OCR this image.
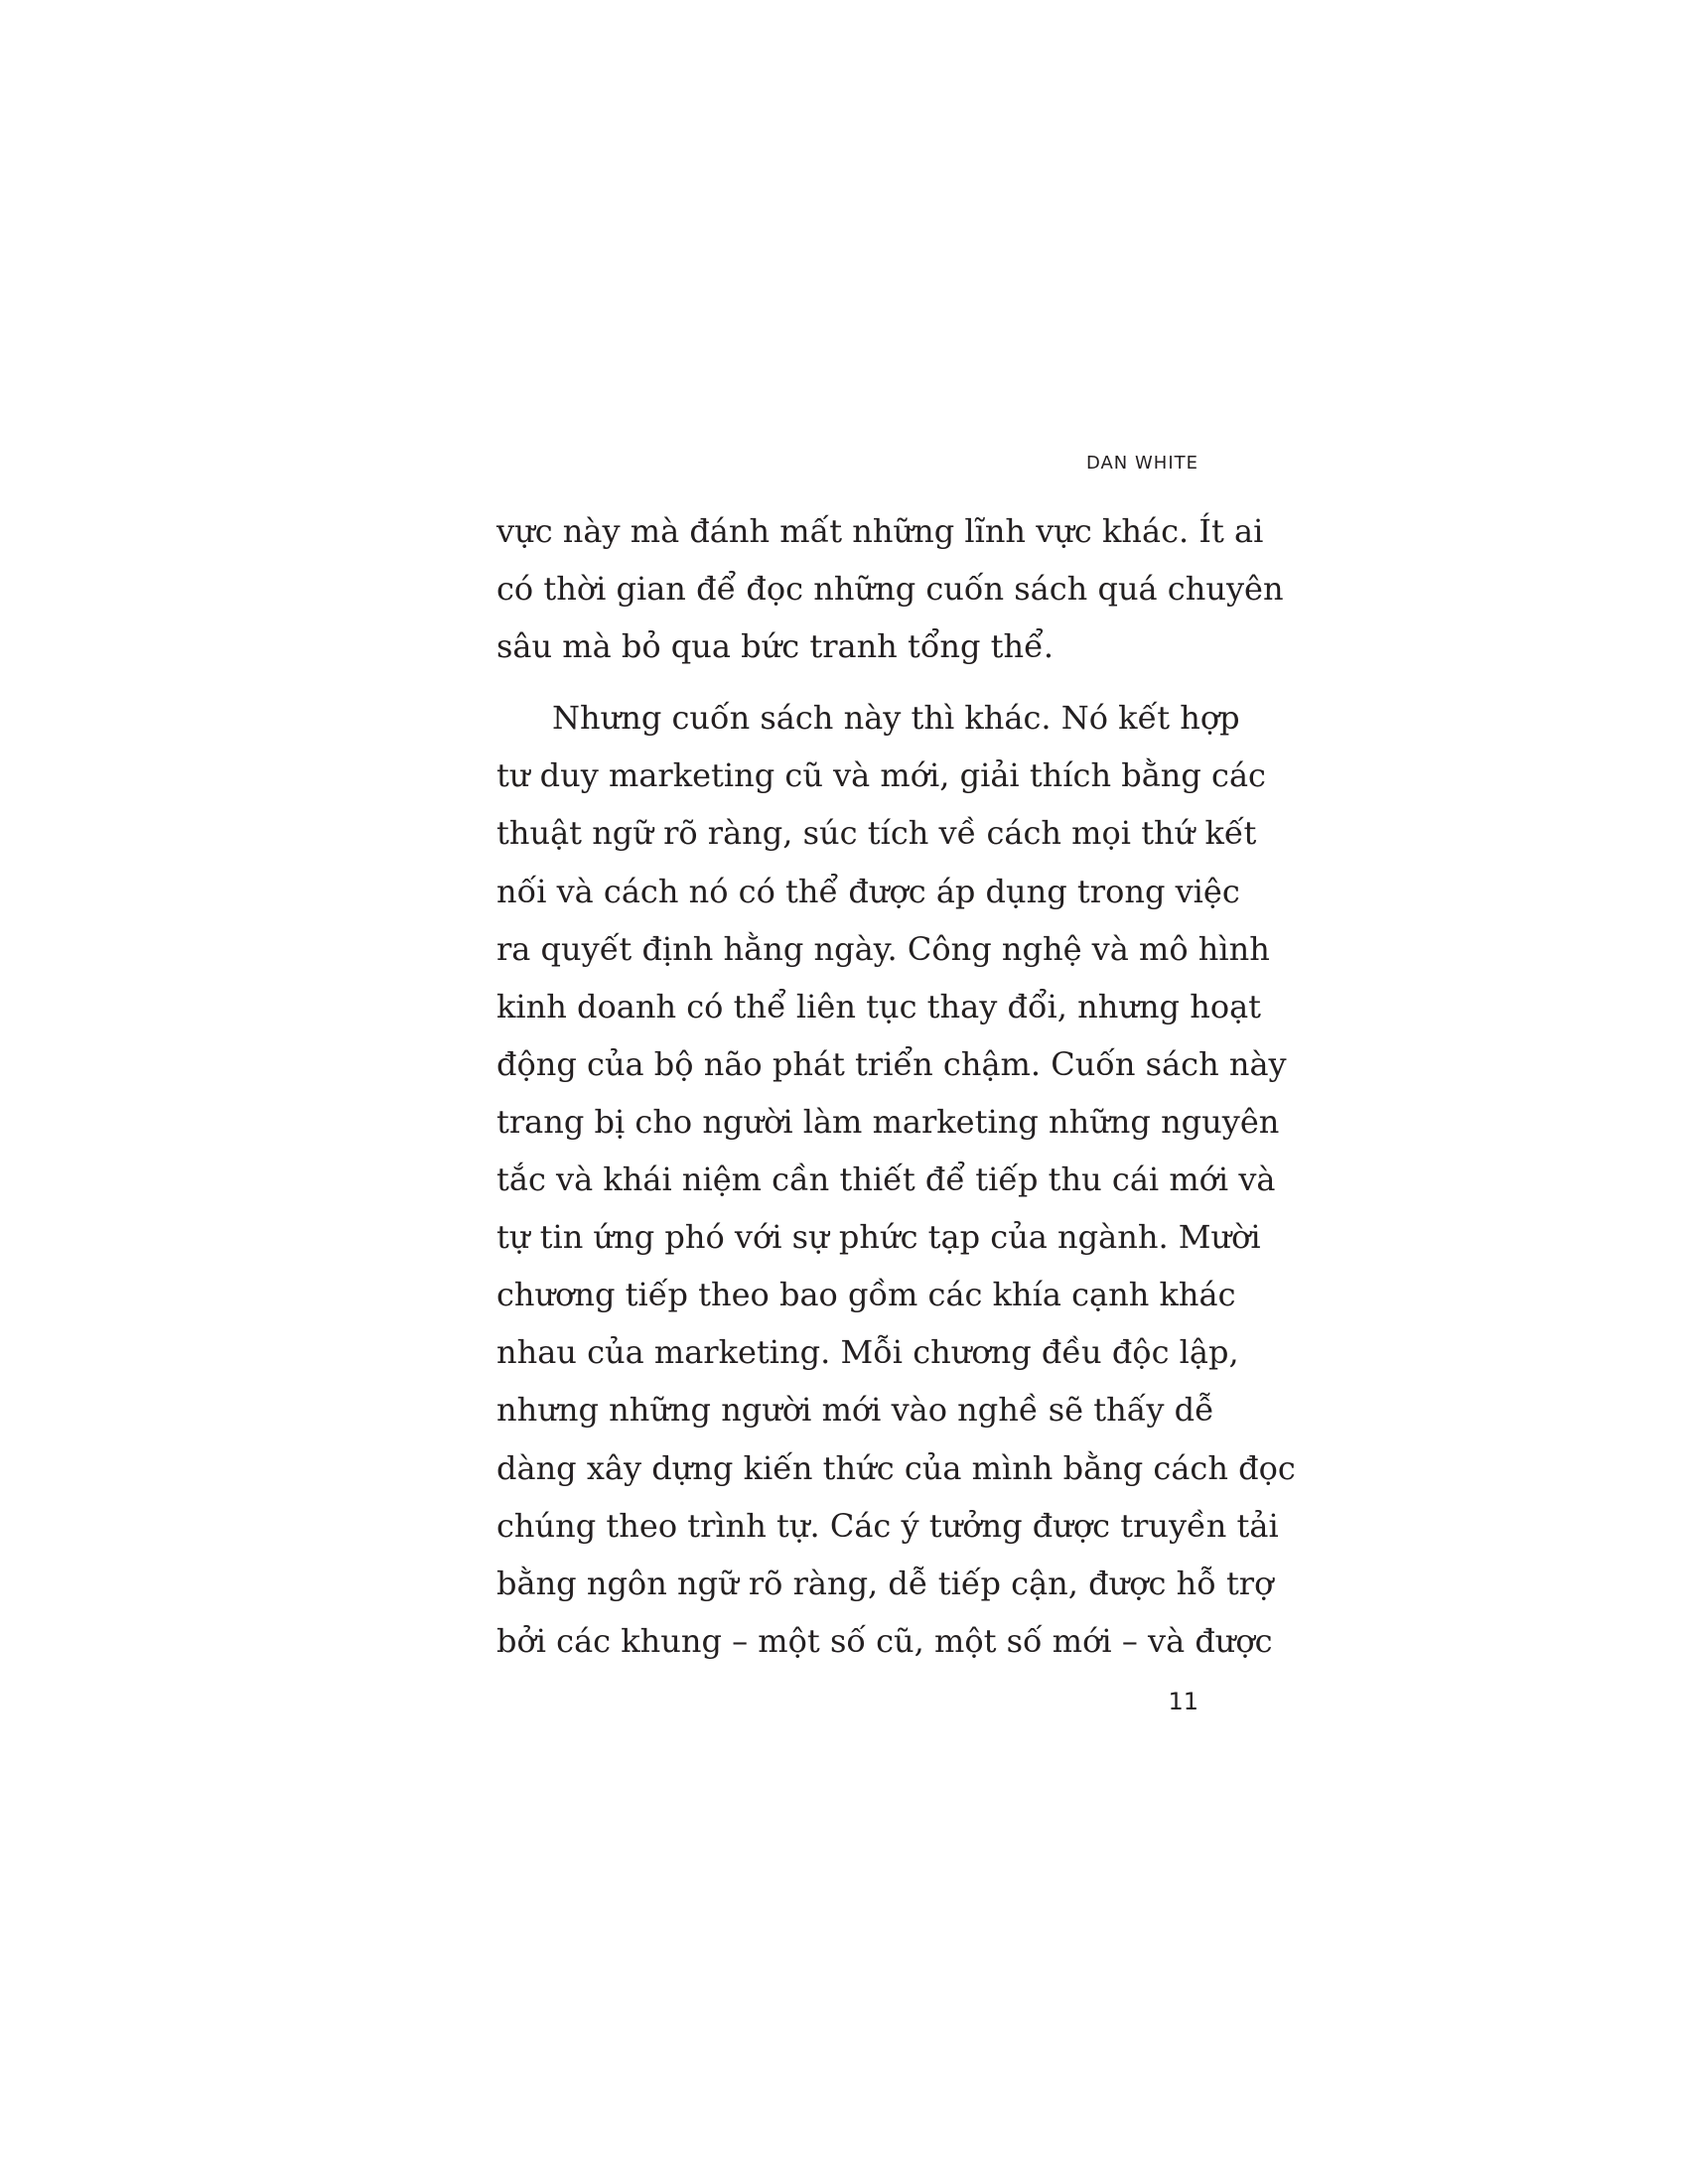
DAN WHITE
vực này mà đánh mất những lĩnh vực khác. Ít ai
có thời gian để đọc những cuốn sách quá chuyên
sâu mà bỏ qua bức tranh tổng thể.
Nhưng cuốn sách này thì khác. Nó kết hợp
tư duy marketing cũ và mới, giải thích bằng các
thuật ngữ rõ ràng, súc tích về cách mọi thứ kết
nối và cách nó có thể được áp dụng trong việc
ra quyết định hằng ngày. Công nghệ và mô hình
kinh doanh có thể liên tục thay đổi, nhưng hoạt
động của bộ não phát triển chậm. Cuốn sách này
trang bị cho người làm marketing những nguyên
tắc và khái niệm cần thiết để tiếp thu cái mới và
tự tin ứng phó với sự phức tạp của ngành. Mười
chương tiếp theo bao gồm các khía cạnh khác
nhau của marketing. Mỗi chương đều độc lập,
nhưng những người mới vào nghề sẽ thấy dễ
dàng xây dựng kiến thức của mình bằng cách đọc
chúng theo trình tự. Các ý tưởng được truyền tải
bằng ngôn ngữ rõ ràng, dễ tiếp cận, được hỗ trợ
bởi các khung – một số cũ, một số mới – và được
11
